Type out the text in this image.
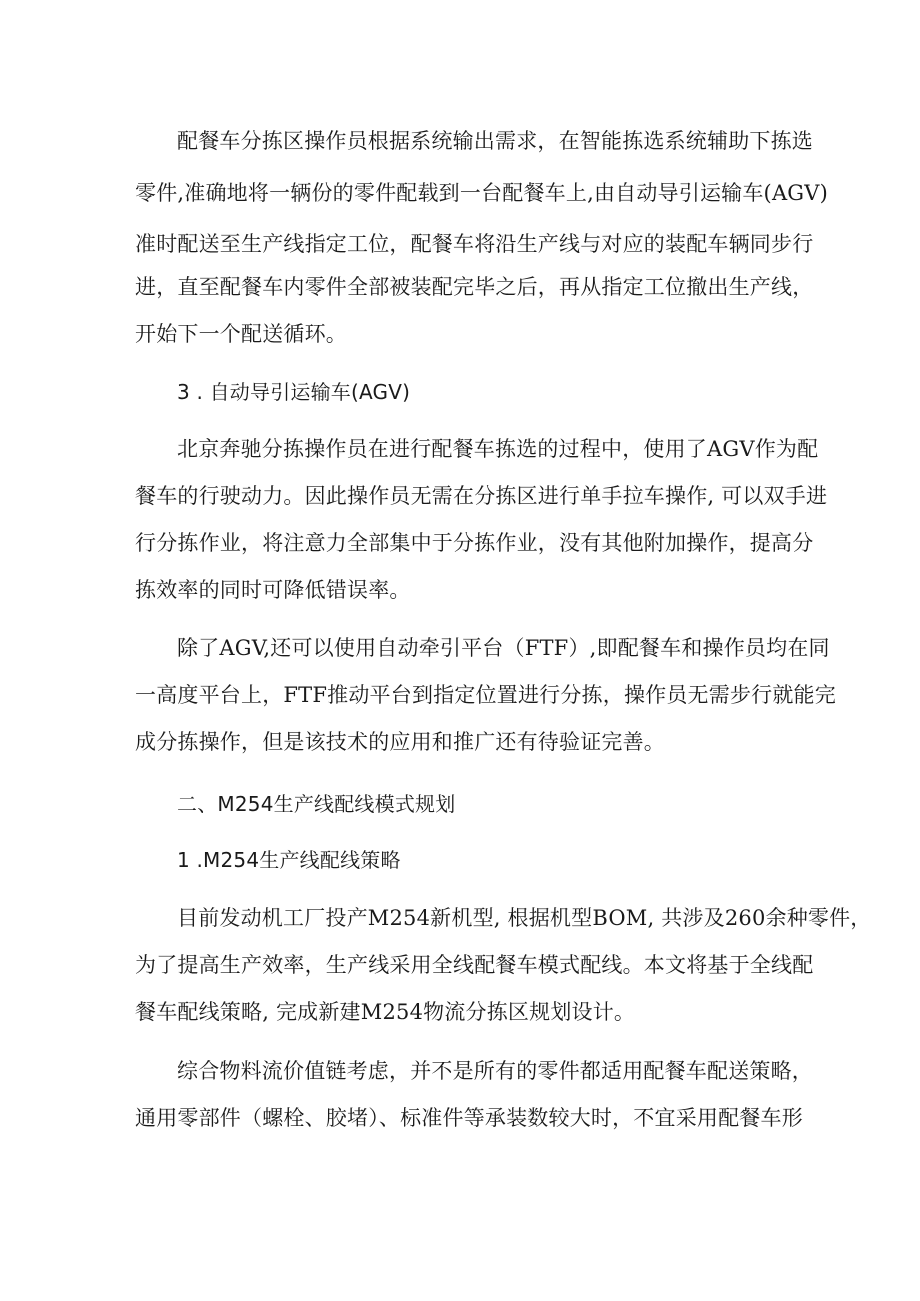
配餐车分拣区操作员根据系统输出需求，在智能拣选系统辅助下拣选
零件,准确地将一辆份的零件配载到一台配餐车上,由自动导引运输车(AGV)
准时配送至生产线指定工位，配餐车将沿生产线与对应的装配车辆同步行
进，直至配餐车内零件全部被装配完毕之后，再从指定工位撤出生产线，
开始下一个配送循环。
3 . 自动导引运输车(AGV)
北京奔驰分拣操作员在进行配餐车拣选的过程中，使用了AGV作为配
餐车的行驶动力。因此操作员无需在分拣区进行单手拉车操作, 可以双手进
行分拣作业，将注意力全部集中于分拣作业，没有其他附加操作，提高分
拣效率的同时可降低错误率。
除了AGV,还可以使用自动牵引平台（FTF）,即配餐车和操作员均在同
一高度平台上，FTF推动平台到指定位置进行分拣，操作员无需步行就能完
成分拣操作，但是该技术的应用和推广还有待验证完善。
二、M254生产线配线模式规划
1 .M254生产线配线策略
目前发动机工厂投产M254新机型, 根据机型BOM, 共涉及260余种零件，
为了提高生产效率，生产线采用全线配餐车模式配线。本文将基于全线配
餐车配线策略, 完成新建M254物流分拣区规划设计。
综合物料流价值链考虑，并不是所有的零件都适用配餐车配送策略，
通用零部件（螺栓、胶堵）、标准件等承装数较大时，不宜采用配餐车形
